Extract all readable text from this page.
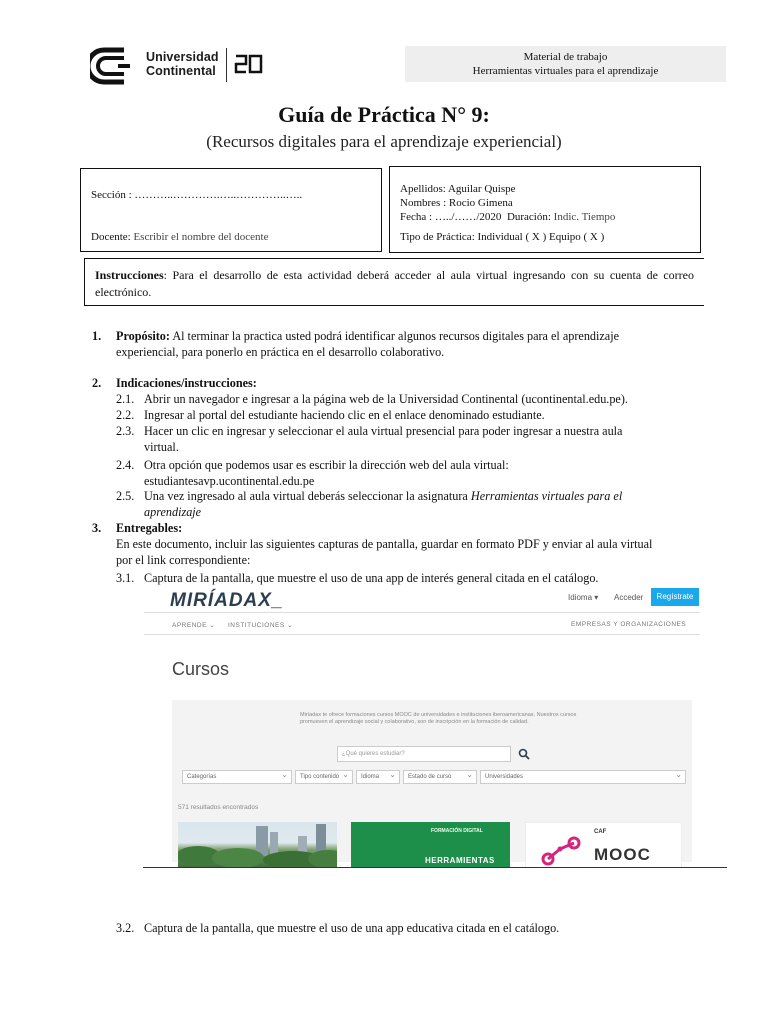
Universidad
Continental
Material de trabajo
Herramientas virtuales para el aprendizaje
Guía de Práctica N° 9:
(Recursos digitales para el aprendizaje experiencial)
Sección : ………..………….…..…………..…..
Docente: Escribir el nombre del docente
Apellidos: Aguilar Quispe
Nombres : Rocio Gimena
Fecha : …../……/2020 Duración: Indic. Tiempo
Tipo de Práctica: Individual ( X ) Equipo ( X )
Instrucciones: Para el desarrollo de esta actividad deberá acceder al aula virtual ingresando con su cuenta de correo electrónico.
1. Propósito: Al terminar la practica usted podrá identificar algunos recursos digitales para el aprendizaje experiencial, para ponerlo en práctica en el desarrollo colaborativo.
2. Indicaciones/instrucciones:
2.1. Abrir un navegador e ingresar a la página web de la Universidad Continental (ucontinental.edu.pe).
2.2. Ingresar al portal del estudiante haciendo clic en el enlace denominado estudiante.
2.3. Hacer un clic en ingresar y seleccionar el aula virtual presencial para poder ingresar a nuestra aula virtual.
2.4. Otra opción que podemos usar es escribir la dirección web del aula virtual: estudiantesavp.ucontinental.edu.pe
2.5. Una vez ingresado al aula virtual deberás seleccionar la asignatura Herramientas virtuales para el aprendizaje
3. Entregables:
En este documento, incluir las siguientes capturas de pantalla, guardar en formato PDF y enviar al aula virtual por el link correspondiente:
3.1. Captura de la pantalla, que muestre el uso de una app de interés general citada en el catálogo.
MIRÍADAX_	Idioma ▾ Acceder	Regístrate
APRENDE ⌄ INSTITUCIONES ⌄	EMPRESAS Y ORGANIZACIONES
Cursos
Miríadax te ofrece formaciones cursos MOOC de universidades e instituciones iberoamericanas. Nuestros cursos promueven el aprendizaje social y colaborativo, son de inscripción en la formación de calidad.
¿Qué quieres estudiar?
Categorías ⌄	Tipo contenido ⌄	Idioma ⌄	Estado de curso ⌄	Universidades ⌄
571 resultados encontrados
FORMACIÓN DIGITAL
HERRAMIENTAS
CAF
MOOC
3.2. Captura de la pantalla, que muestre el uso de una app educativa citada en el catálogo.
